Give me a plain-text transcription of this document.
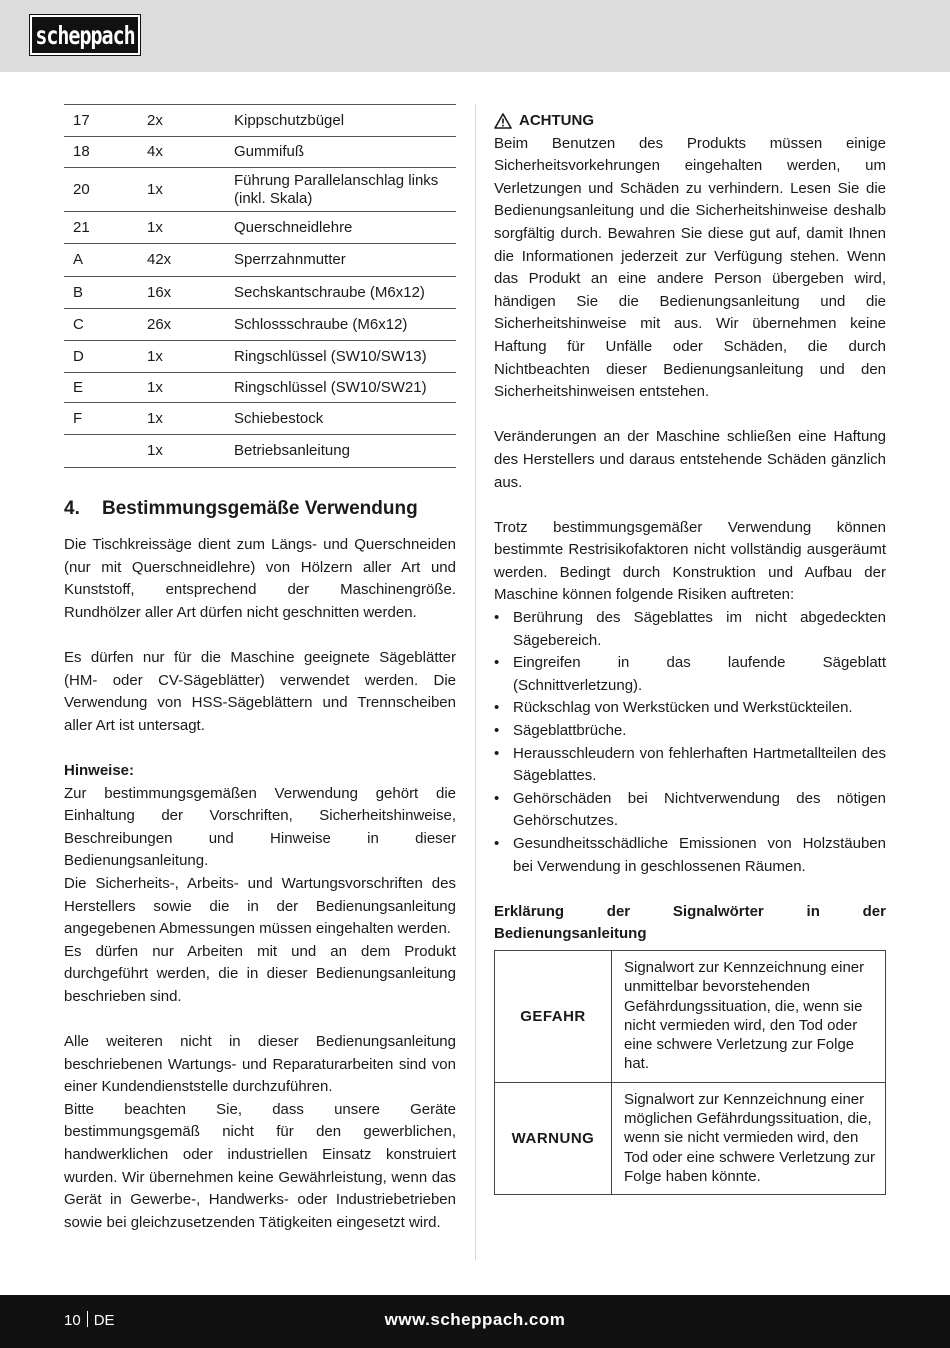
scheppach
17	2x	Kippschutzbügel
18	4x	Gummifuß
20	1x	Führung Parallelanschlag links (inkl. Skala)
21	1x	Querschneidlehre
A	42x	Sperrzahnmutter
B	16x	Sechskantschraube (M6x12)
C	26x	Schlossschraube (M6x12)
D	1x	Ringschlüssel (SW10/SW13)
E	1x	Ringschlüssel (SW10/SW21)
F	1x	Schiebestock
	1x	Betriebsanleitung
4. Bestimmungsgemäße Verwendung

Die Tischkreissäge dient zum Längs- und Querschneiden (nur mit Querschneidlehre) von Hölzern aller Art und Kunststoff, entsprechend der Maschinengröße. Rundhölzer aller Art dürfen nicht geschnitten werden.

Es dürfen nur für die Maschine geeignete Sägeblätter (HM- oder CV-Sägeblätter) verwendet werden. Die Verwendung von HSS-Sägeblättern und Trennscheiben aller Art ist untersagt.

Hinweise:

Zur bestimmungsgemäßen Verwendung gehört die Einhaltung der Vorschriften, Sicherheitshinweise, Beschreibungen und Hinweise in dieser Bedienungsanleitung.

Die Sicherheits-, Arbeits- und Wartungsvorschriften des Herstellers sowie die in der Bedienungsanleitung angegebenen Abmessungen müssen eingehalten werden.

Es dürfen nur Arbeiten mit und an dem Produkt durchgeführt werden, die in dieser Bedienungsanleitung beschrieben sind.

Alle weiteren nicht in dieser Bedienungsanleitung beschriebenen Wartungs- und Reparaturarbeiten sind von einer Kundendienststelle durchzuführen.

Bitte beachten Sie, dass unsere Geräte bestimmungsgemäß nicht für den gewerblichen, handwerklichen oder industriellen Einsatz konstruiert wurden. Wir übernehmen keine Gewährleistung, wenn das Gerät in Gewerbe-, Handwerks- oder Industriebetrieben sowie bei gleichzusetzenden Tätigkeiten eingesetzt wird.

ACHTUNG

Beim Benutzen des Produkts müssen einige Sicherheitsvorkehrungen eingehalten werden, um Verletzungen und Schäden zu verhindern. Lesen Sie die Bedienungsanleitung und die Sicherheitshinweise deshalb sorgfältig durch. Bewahren Sie diese gut auf, damit Ihnen die Informationen jederzeit zur Verfügung stehen. Wenn das Produkt an eine andere Person übergeben wird, händigen Sie die Bedienungsanleitung und die Sicherheitshinweise mit aus. Wir übernehmen keine Haftung für Unfälle oder Schäden, die durch Nichtbeachten dieser Bedienungsanleitung und den Sicherheitshinweisen entstehen.

Veränderungen an der Maschine schließen eine Haftung des Herstellers und daraus entstehende Schäden gänzlich aus.

Trotz bestimmungsgemäßer Verwendung können bestimmte Restrisikofaktoren nicht vollständig ausgeräumt werden. Bedingt durch Konstruktion und Aufbau der Maschine können folgende Risiken auftreten:

• Berührung des Sägeblattes im nicht abgedeckten Sägebereich.
• Eingreifen in das laufende Sägeblatt (Schnittverletzung).
• Rückschlag von Werkstücken und Werkstückteilen.
• Sägeblattbrüche.
• Herausschleudern von fehlerhaften Hartmetallteilen des Sägeblattes.
• Gehörschäden bei Nichtverwendung des nötigen Gehörschutzes.
• Gesundheitsschädliche Emissionen von Holzstäuben bei Verwendung in geschlossenen Räumen.

Erklärung der Signalwörter in der Bedienungsanleitung

GEFAHR	Signalwort zur Kennzeichnung einer unmittelbar bevorstehenden Gefährdungssituation, die, wenn sie nicht vermieden wird, den Tod oder eine schwere Verletzung zur Folge hat.
WARNUNG	Signalwort zur Kennzeichnung einer möglichen Gefährdungssituation, die, wenn sie nicht vermieden wird, den Tod oder eine schwere Verletzung zur Folge haben könnte.
10 DE	www.scheppach.com
